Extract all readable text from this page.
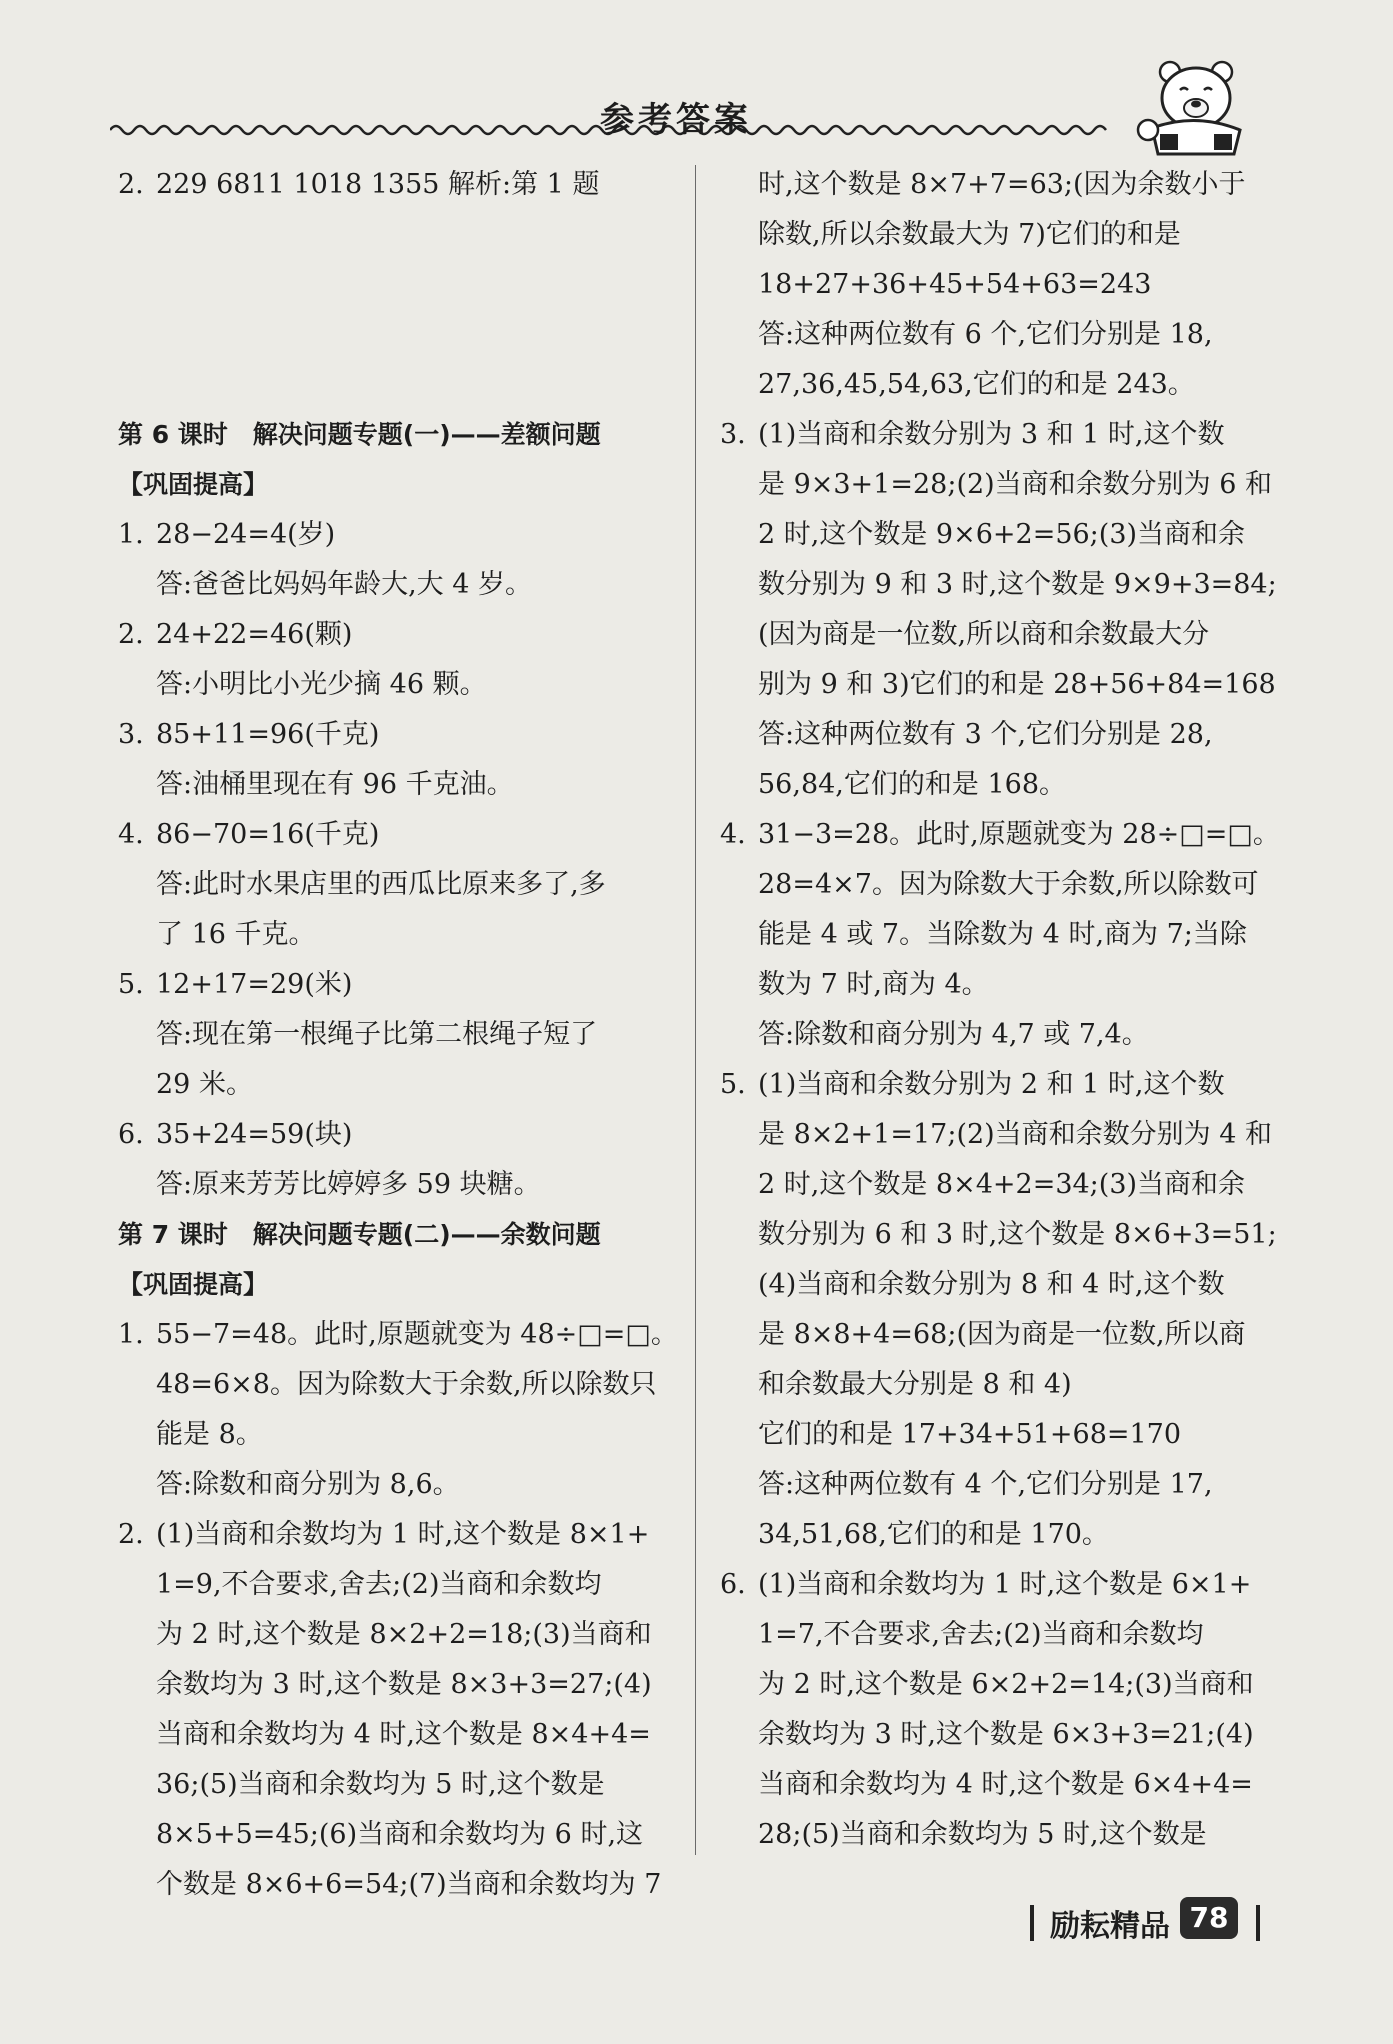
参考答案
2. 229 6811 1018 1355 解析:第 1 题
第 6 课时　解决问题专题(一)——差额问题
【巩固提高】
1. 28−24=4(岁)
答:爸爸比妈妈年龄大,大 4 岁。
2. 24+22=46(颗)
答:小明比小光少摘 46 颗。
3. 85+11=96(千克)
答:油桶里现在有 96 千克油。
4. 86−70=16(千克)
答:此时水果店里的西瓜比原来多了,多
了 16 千克。
5. 12+17=29(米)
答:现在第一根绳子比第二根绳子短了
29 米。
6. 35+24=59(块)
答:原来芳芳比婷婷多 59 块糖。
第 7 课时　解决问题专题(二)——余数问题
【巩固提高】
1. 55−7=48。此时,原题就变为 48÷□=□。
48=6×8。因为除数大于余数,所以除数只
能是 8。
答:除数和商分别为 8,6。
2. (1)当商和余数均为 1 时,这个数是 8×1+
1=9,不合要求,舍去;(2)当商和余数均
为 2 时,这个数是 8×2+2=18;(3)当商和
余数均为 3 时,这个数是 8×3+3=27;(4)
当商和余数均为 4 时,这个数是 8×4+4=
36;(5)当商和余数均为 5 时,这个数是
8×5+5=45;(6)当商和余数均为 6 时,这
个数是 8×6+6=54;(7)当商和余数均为 7
时,这个数是 8×7+7=63;(因为余数小于
除数,所以余数最大为 7)它们的和是
18+27+36+45+54+63=243
答:这种两位数有 6 个,它们分别是 18,
27,36,45,54,63,它们的和是 243。
3. (1)当商和余数分别为 3 和 1 时,这个数
是 9×3+1=28;(2)当商和余数分别为 6 和
2 时,这个数是 9×6+2=56;(3)当商和余
数分别为 9 和 3 时,这个数是 9×9+3=84;
(因为商是一位数,所以商和余数最大分
别为 9 和 3)它们的和是 28+56+84=168
答:这种两位数有 3 个,它们分别是 28,
56,84,它们的和是 168。
4. 31−3=28。此时,原题就变为 28÷□=□。
28=4×7。因为除数大于余数,所以除数可
能是 4 或 7。当除数为 4 时,商为 7;当除
数为 7 时,商为 4。
答:除数和商分别为 4,7 或 7,4。
5. (1)当商和余数分别为 2 和 1 时,这个数
是 8×2+1=17;(2)当商和余数分别为 4 和
2 时,这个数是 8×4+2=34;(3)当商和余
数分别为 6 和 3 时,这个数是 8×6+3=51;
(4)当商和余数分别为 8 和 4 时,这个数
是 8×8+4=68;(因为商是一位数,所以商
和余数最大分别是 8 和 4)
它们的和是 17+34+51+68=170
答:这种两位数有 4 个,它们分别是 17,
34,51,68,它们的和是 170。
6. (1)当商和余数均为 1 时,这个数是 6×1+
1=7,不合要求,舍去;(2)当商和余数均
为 2 时,这个数是 6×2+2=14;(3)当商和
余数均为 3 时,这个数是 6×3+3=21;(4)
当商和余数均为 4 时,这个数是 6×4+4=
28;(5)当商和余数均为 5 时,这个数是
励耘精品 78
